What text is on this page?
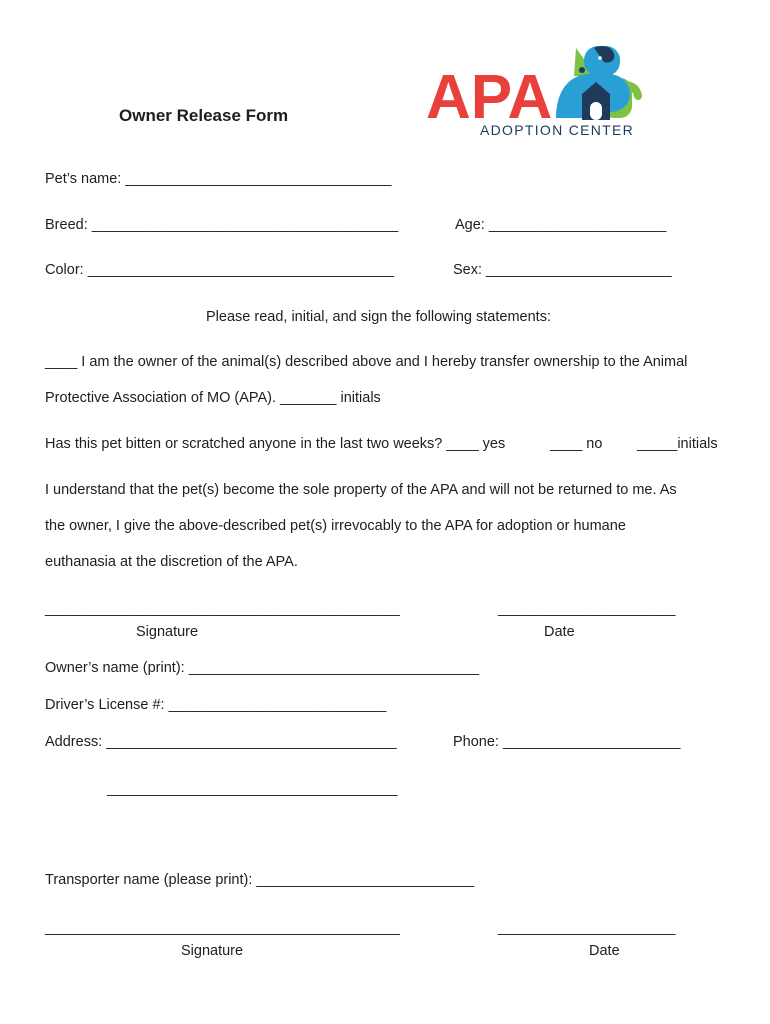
Owner Release Form APA
ADOPTION CENTER
Pet’s name: _________________________________
Breed: ______________________________________	Age: ______________________
Color: ______________________________________	Sex: _______________________
Please read, initial, and sign the following statements:
____ I am the owner of the animal(s) described above and I hereby transfer ownership to the Animal
Protective Association of MO (APA). _______ initials
Has this pet bitten or scratched anyone in the last two weeks? ____ yes	____ no _____initials
I understand that the pet(s) become the sole property of the APA and will not be returned to me. As
the owner, I give the above-described pet(s) irrevocably to the APA for adoption or humane
euthanasia at the discretion of the APA.
____________________________________________	______________________
Signature	Date
Owner’s name (print): ____________________________________
Driver’s License #: ___________________________
Address: ____________________________________	Phone: ______________________
____________________________________
Transporter name (please print): ___________________________
____________________________________________	______________________
Signature	Date
